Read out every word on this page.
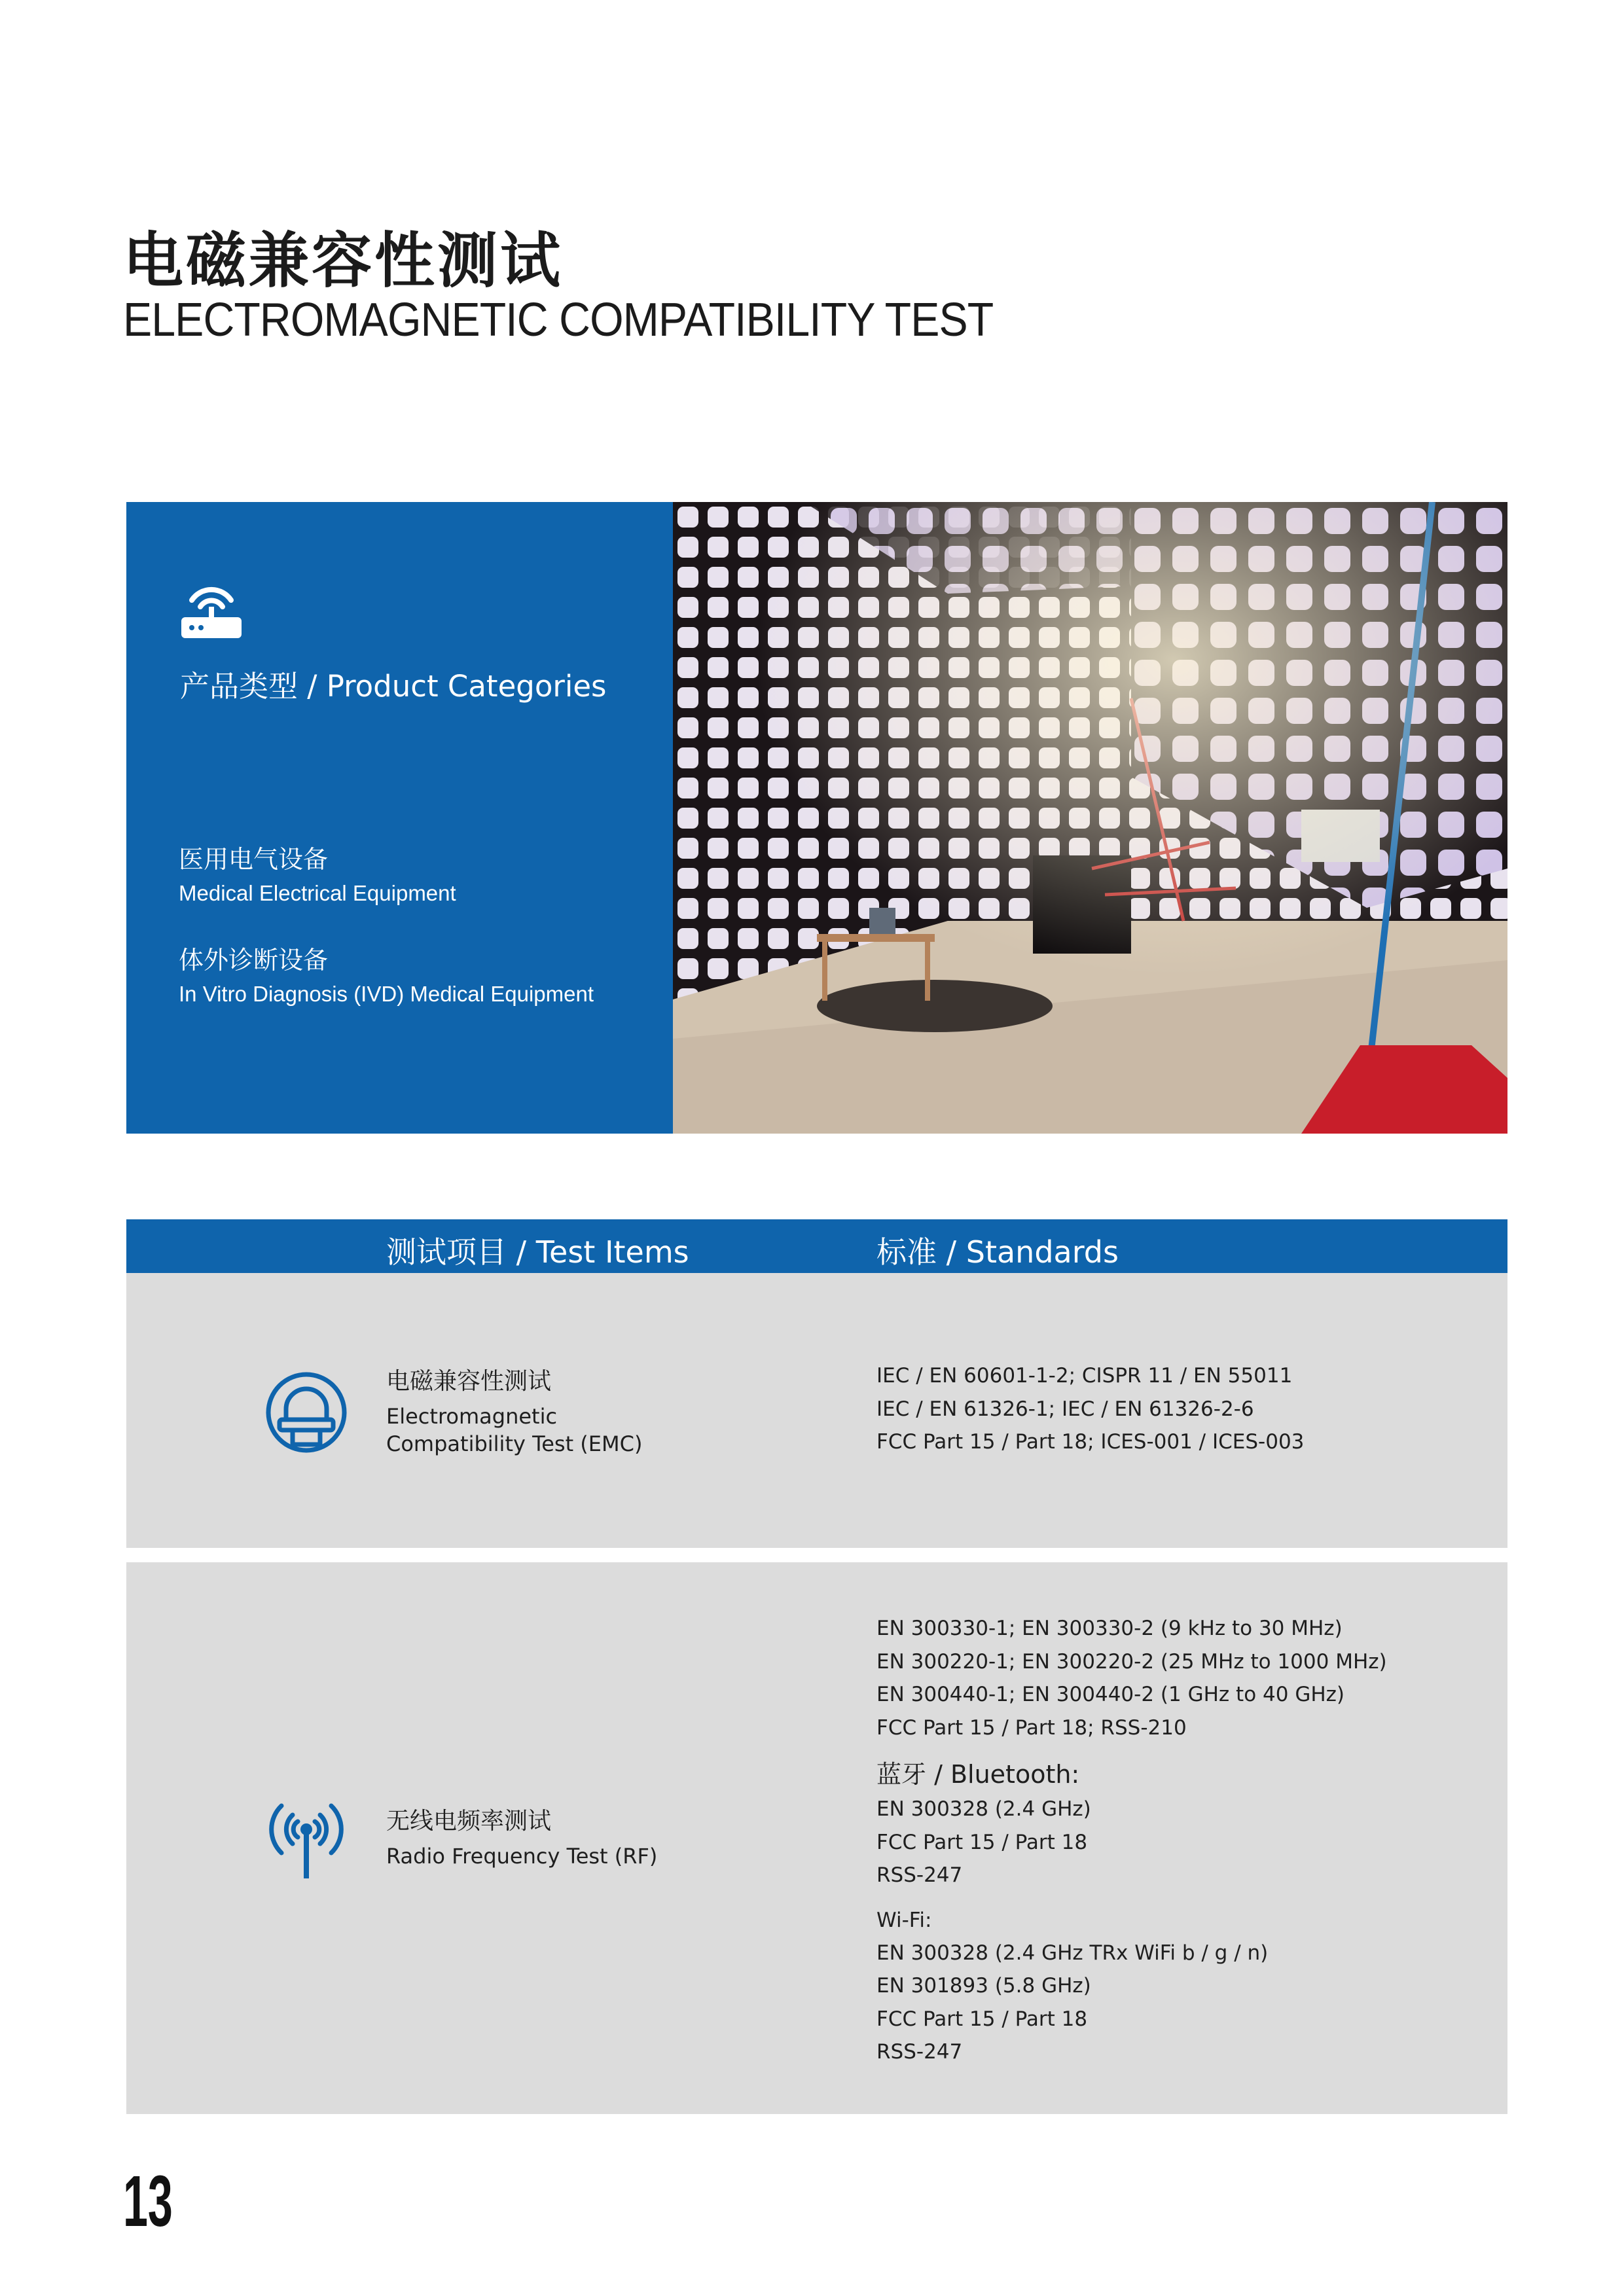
电磁兼容性测试
ELECTROMAGNETIC COMPATIBILITY TEST
产品类型 / Product Categories
医用电气设备
Medical Electrical Equipment
体外诊断设备
In Vitro Diagnosis (IVD) Medical Equipment
测试项目 / Test Items	标准 / Standards
电磁兼容性测试
Electromagnetic
Compatibility Test (EMC)
IEC / EN 60601-1-2; CISPR 11 / EN 55011
IEC / EN 61326-1; IEC / EN 61326-2-6
FCC Part 15 / Part 18; ICES-001 / ICES-003
无线电频率测试
Radio Frequency Test (RF)
EN 300330-1; EN 300330-2 (9 kHz to 30 MHz)
EN 300220-1; EN 300220-2 (25 MHz to 1000 MHz)
EN 300440-1; EN 300440-2 (1 GHz to 40 GHz)
FCC Part 15 / Part 18; RSS-210
蓝牙 / Bluetooth:
EN 300328 (2.4 GHz)
FCC Part 15 / Part 18
RSS-247
Wi-Fi:
EN 300328 (2.4 GHz TRx WiFi b / g / n)
EN 301893 (5.8 GHz)
FCC Part 15 / Part 18
RSS-247
13
